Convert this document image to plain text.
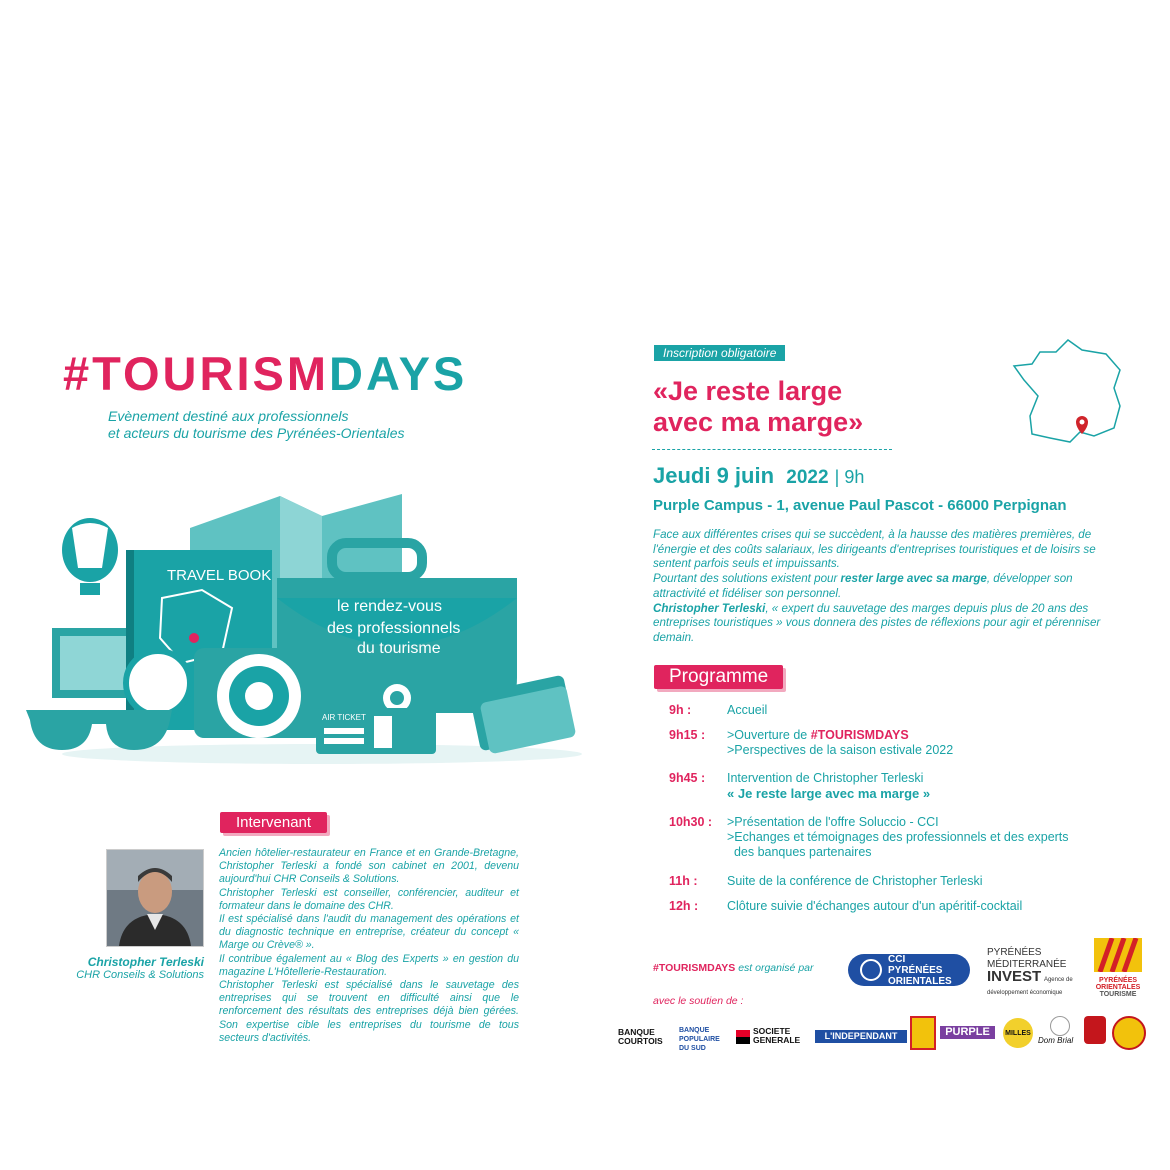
#TOURISMDAYS
Evènement destiné aux professionnels
et acteurs du tourisme des Pyrénées-Orientales
TRAVEL BOOK
le rendez-vous
des professionnels
du tourisme
AIR TICKET
Intervenant
Christopher Terleski
CHR Conseils & Solutions

Ancien hôtelier-restaurateur en France et en Grande-Bretagne, Christopher Terleski a fondé son cabinet en 2001, devenu aujourd'hui CHR Conseils & Solutions.

Christopher Terleski est conseiller, conférencier, auditeur et formateur dans le domaine des CHR.

Il est spécialisé dans l'audit du management des opérations et du diagnostic technique en entreprise, créateur du concept « Marge ou Crève® ».

Il contribue également au « Blog des Experts » en gestion du magazine L'Hôtellerie-Restauration.

Christopher Terleski est spécialisé dans le sauvetage des entreprises qui se trouvent en difficulté ainsi que le renforcement des résultats des entreprises déjà bien gérées. Son expertise cible les entreprises du tourisme de tous secteurs d'activités.

Inscription obligatoire
«Je reste large
avec ma marge»
Jeudi 9 juin 2022 | 9h
Purple Campus - 1, avenue Paul Pascot - 66000 Perpignan

Face aux différentes crises qui se succèdent, à la hausse des matières premières, de l'énergie et des coûts salariaux, les dirigeants d'entreprises touristiques et de loisirs se sentent parfois seuls et impuissants.

Pourtant des solutions existent pour rester large avec sa marge, développer son attractivité et fidéliser son personnel.

Christopher Terleski, « expert du sauvetage des marges depuis plus de 20 ans des entreprises touristiques » vous donnera des pistes de réflexions pour agir et pérenniser demain.

Programme
9h :	Accueil
9h15 : >Ouverture de #TOURISMDAYS
>Perspectives de la saison estivale 2022
9h45 : Intervention de Christopher Terleski
« Je reste large avec ma marge »
10h30 : >Présentation de l'offre Soluccio - CCI
>Echanges et témoignages des professionnels et des experts
des banques partenaires
11h : Suite de la conférence de Christopher Terleski
12h : Clôture suivie d'échanges autour d'un apéritif-cocktail
#TOURISMDAYS est organisé par
CCI PYRÉNÉES ORIENTALES
PYRÉNÉES
MÉDITERRANÉE
INVEST Agence de développement économique
PYRÉNÉES
ORIENTALES
TOURISME
avec le soutien de :
BANQUE COURTOIS
BANQUE POPULAIRE DU SUD
SOCIETE GENERALE	L'INDEPENDANT	PURPLE	MILLES
Dom Brial
